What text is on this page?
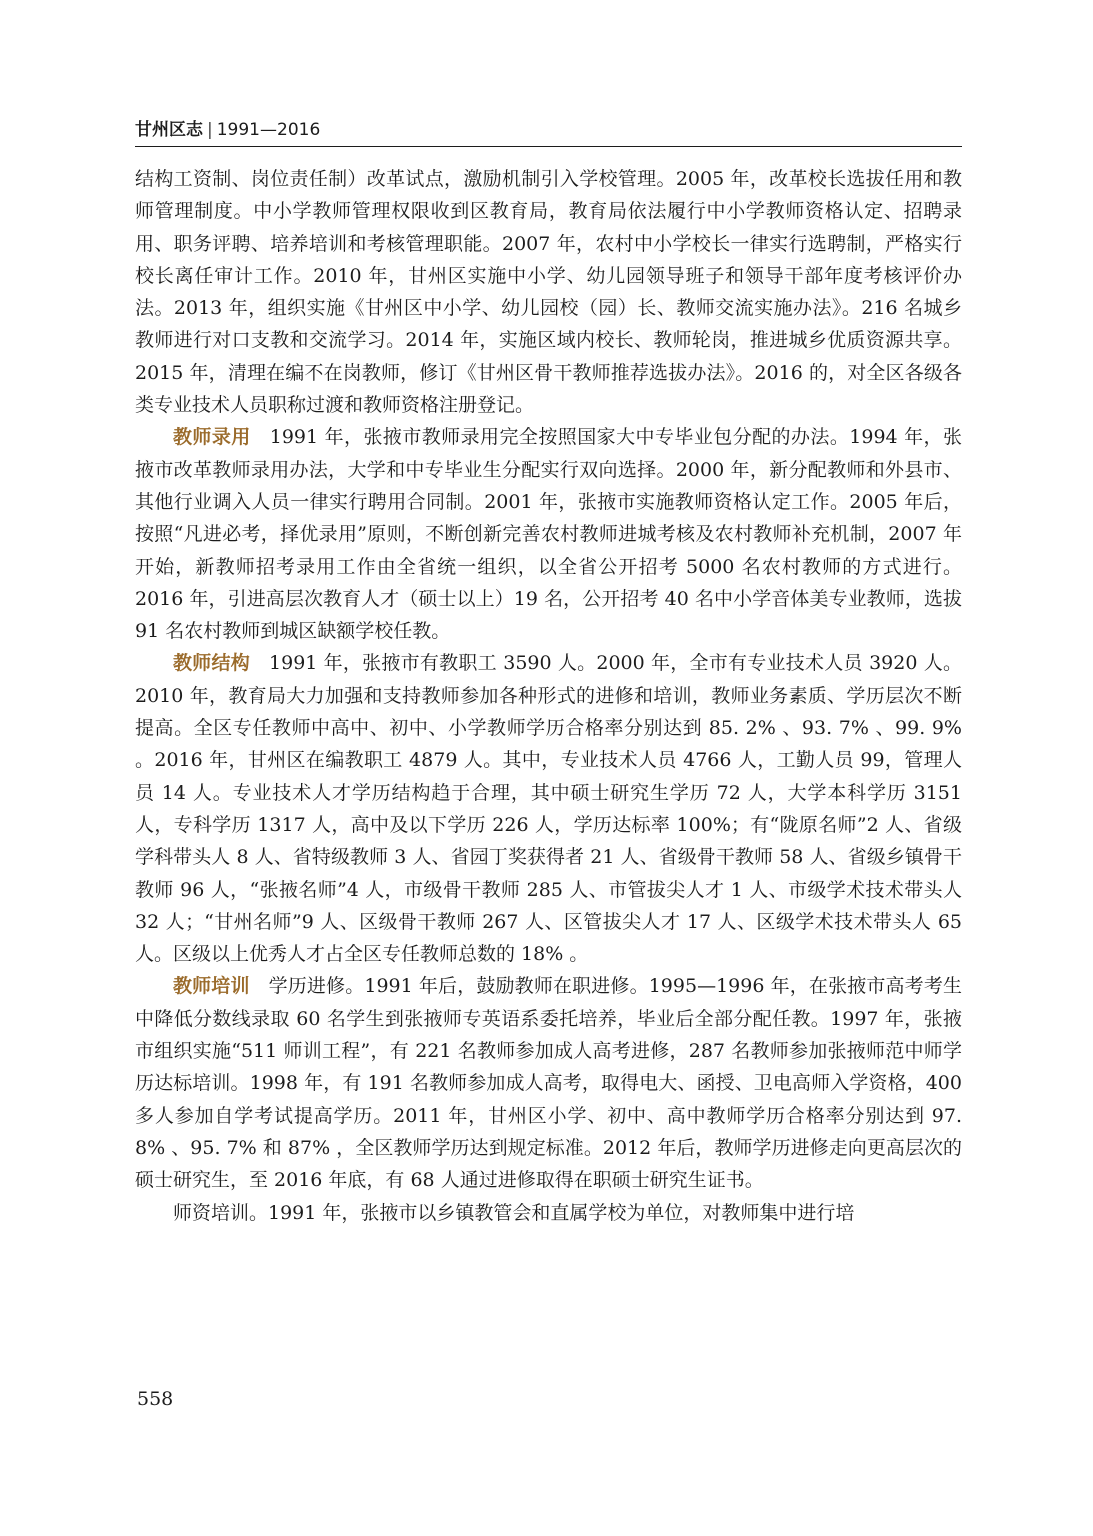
甘州区志 | 1991—2016

结构工资制、岗位责任制）改革试点，激励机制引入学校管理。2005 年，改革校长选拔任用和教师管理制度。中小学教师管理权限收到区教育局，教育局依法履行中小学教师资格认定、招聘录用、职务评聘、培养培训和考核管理职能。2007 年，农村中小学校长一律实行选聘制，严格实行校长离任审计工作。2010 年，甘州区实施中小学、幼儿园领导班子和领导干部年度考核评价办法。2013 年，组织实施《甘州区中小学、幼儿园校（园）长、教师交流实施办法》。216 名城乡教师进行对口支教和交流学习。2014 年，实施区域内校长、教师轮岗，推进城乡优质资源共享。2015 年，清理在编不在岗教师，修订《甘州区骨干教师推荐选拔办法》。2016 的，对全区各级各类专业技术人员职称过渡和教师资格注册登记。

教师录用 1991 年，张掖市教师录用完全按照国家大中专毕业包分配的办法。1994 年，张掖市改革教师录用办法，大学和中专毕业生分配实行双向选择。2000 年，新分配教师和外县市、其他行业调入人员一律实行聘用合同制。2001 年，张掖市实施教师资格认定工作。2005 年后，按照“凡进必考，择优录用”原则，不断创新完善农村教师进城考核及农村教师补充机制，2007 年开始，新教师招考录用工作由全省统一组织，以全省公开招考 5000 名农村教师的方式进行。2016 年，引进高层次教育人才（硕士以上）19 名，公开招考 40 名中小学音体美专业教师，选拔 91 名农村教师到城区缺额学校任教。

教师结构 1991 年，张掖市有教职工 3590 人。2000 年，全市有专业技术人员 3920 人。2010 年，教育局大力加强和支持教师参加各种形式的进修和培训，教师业务素质、学历层次不断提高。全区专任教师中高中、初中、小学教师学历合格率分别达到 85. 2% 、93. 7% 、99. 9% 。2016 年，甘州区在编教职工 4879 人。其中，专业技术人员 4766 人，工勤人员 99，管理人员 14 人。专业技术人才学历结构趋于合理，其中硕士研究生学历 72 人，大学本科学历 3151 人，专科学历 1317 人，高中及以下学历 226 人，学历达标率 100%；有“陇原名师”2 人、省级学科带头人 8 人、省特级教师 3 人、省园丁奖获得者 21 人、省级骨干教师 58 人、省级乡镇骨干教师 96 人，“张掖名师”4 人，市级骨干教师 285 人、市管拔尖人才 1 人、市级学术技术带头人 32 人；“甘州名师”9 人、区级骨干教师 267 人、区管拔尖人才 17 人、区级学术技术带头人 65 人。区级以上优秀人才占全区专任教师总数的 18% 。

教师培训 学历进修。1991 年后，鼓励教师在职进修。1995—1996 年，在张掖市高考考生中降低分数线录取 60 名学生到张掖师专英语系委托培养，毕业后全部分配任教。1997 年，张掖市组织实施“511 师训工程”，有 221 名教师参加成人高考进修，287 名教师参加张掖师范中师学历达标培训。1998 年，有 191 名教师参加成人高考，取得电大、函授、卫电高师入学资格，400 多人参加自学考试提高学历。2011 年，甘州区小学、初中、高中教师学历合格率分别达到 97. 8% 、95. 7% 和 87% ，全区教师学历达到规定标准。2012 年后，教师学历进修走向更高层次的硕士研究生，至 2016 年底，有 68 人通过进修取得在职硕士研究生证书。

师资培训。1991 年，张掖市以乡镇教管会和直属学校为单位，对教师集中进行培

558
